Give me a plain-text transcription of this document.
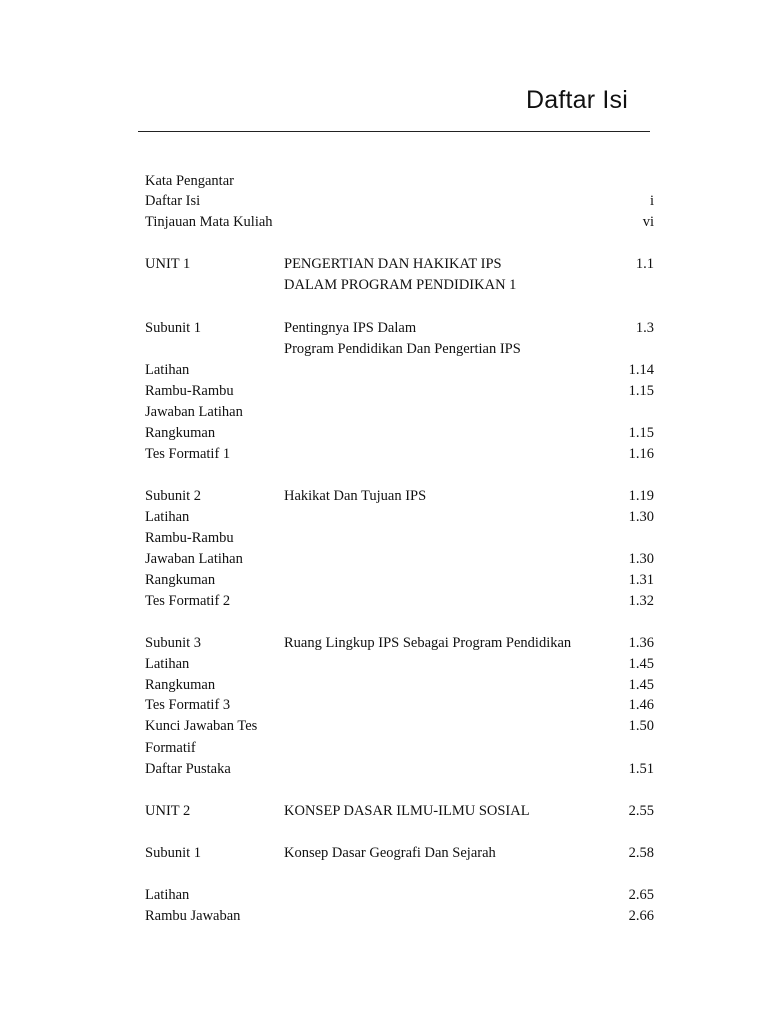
Daftar Isi
Kata Pengantar
Daftar Isi	i
Tinjauan Mata Kuliah	vi
UNIT 1	PENGERTIAN DAN HAKIKAT IPS	1.1
DALAM PROGRAM PENDIDIKAN 1
Subunit 1	Pentingnya IPS Dalam	1.3
Program Pendidikan Dan Pengertian IPS
Latihan	1.14
Rambu-Rambu	1.15
Jawaban Latihan
Rangkuman	1.15
Tes Formatif 1	1.16
Subunit 2	Hakikat Dan Tujuan IPS	1.19
Latihan	1.30
Rambu-Rambu
Jawaban Latihan	1.30
Rangkuman	1.31
Tes Formatif 2	1.32
Subunit 3	Ruang Lingkup IPS Sebagai Program Pendidikan	1.36
Latihan	1.45
Rangkuman	1.45
Tes Formatif 3	1.46
Kunci Jawaban Tes	1.50
Formatif
Daftar Pustaka	1.51
UNIT 2	KONSEP DASAR ILMU-ILMU SOSIAL	2.55
Subunit 1	Konsep Dasar Geografi Dan Sejarah	2.58
Latihan	2.65
Rambu Jawaban	2.66
